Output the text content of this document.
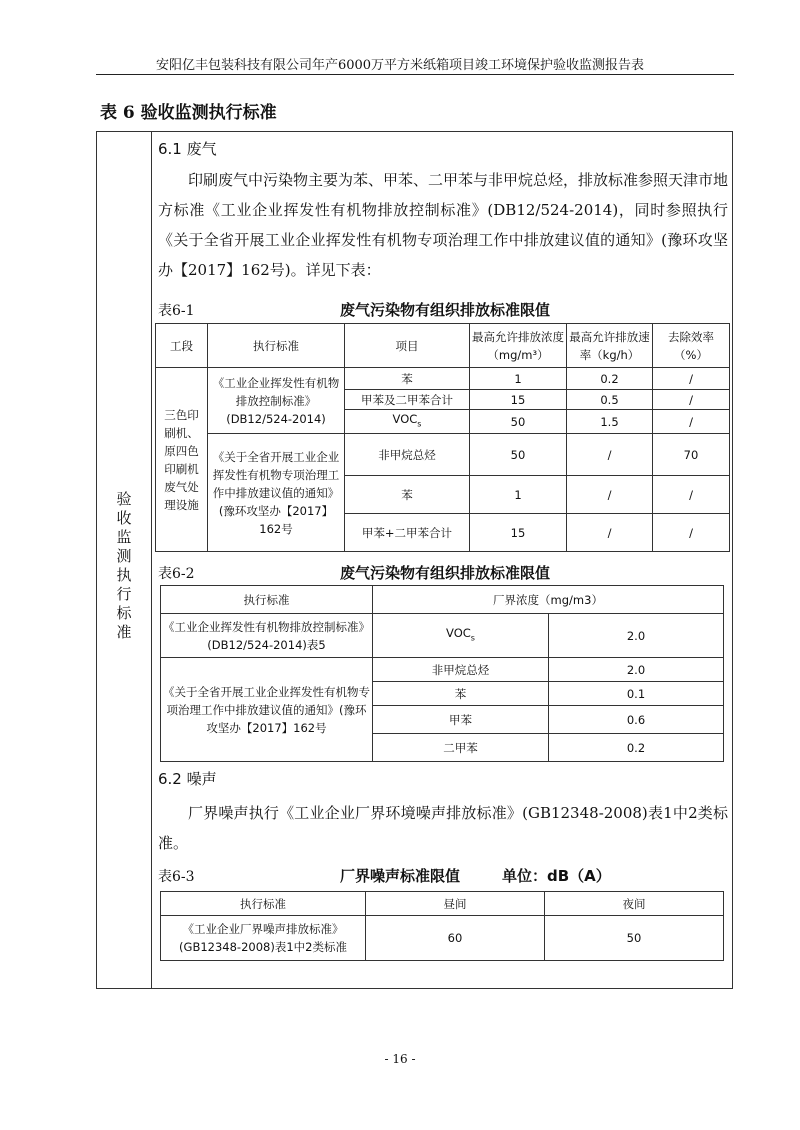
安阳亿丰包装科技有限公司年产6000万平方米纸箱项目竣工环境保护验收监测报告表
表 6 验收监测执行标准
验
收
监
测
执
行
标
准
6.1 废气
印刷废气中污染物主要为苯、甲苯、二甲苯与非甲烷总烃，排放标准参照天津市地方标准《工业企业挥发性有机物排放控制标准》(DB12/524-2014)，同时参照执行《关于全省开展工业企业挥发性有机物专项治理工作中排放建议值的通知》(豫环攻坚办【2017】162号)。详见下表：
表6-1	废气污染物有组织排放标准限值
工段	执行标准	项目	最高允许排放浓度（mg/m³）	最高允许排放速率（kg/h）	去除效率（%）
三色印刷机、原四色印刷机废气处理设施	《工业企业挥发性有机物排放控制标准》(DB12/524-2014)	苯	1	0.2	/
		甲苯及二甲苯合计	15	0.5	/
		$VOC_s$	50	1.5	/
	《关于全省开展工业企业挥发性有机物专项治理工作中排放建议值的通知》(豫环攻坚办【2017】162号	非甲烷总烃	50	/	70
		苯	1	/	/
		甲苯+二甲苯合计	15	/	/
表6-2	废气污染物有组织排放标准限值
执行标准	厂界浓度（mg/m3）	
《工业企业挥发性有机物排放控制标准》(DB12/524-2014)表5	$VOC_s$	2.0
《关于全省开展工业企业挥发性有机物专项治理工作中排放建议值的通知》(豫环攻坚办【2017】162号	非甲烷总烃	2.0
	苯	0.1
	甲苯	0.6
	二甲苯	0.2
6.2 噪声
厂界噪声执行《工业企业厂界环境噪声排放标准》(GB12348-2008)表1中2类标准。
表6-3	厂界噪声标准限值	单位：dB（A）
执行标准	昼间	夜间
《工业企业厂界噪声排放标准》(GB12348-2008)表1中2类标准	60	50
- 16 -
